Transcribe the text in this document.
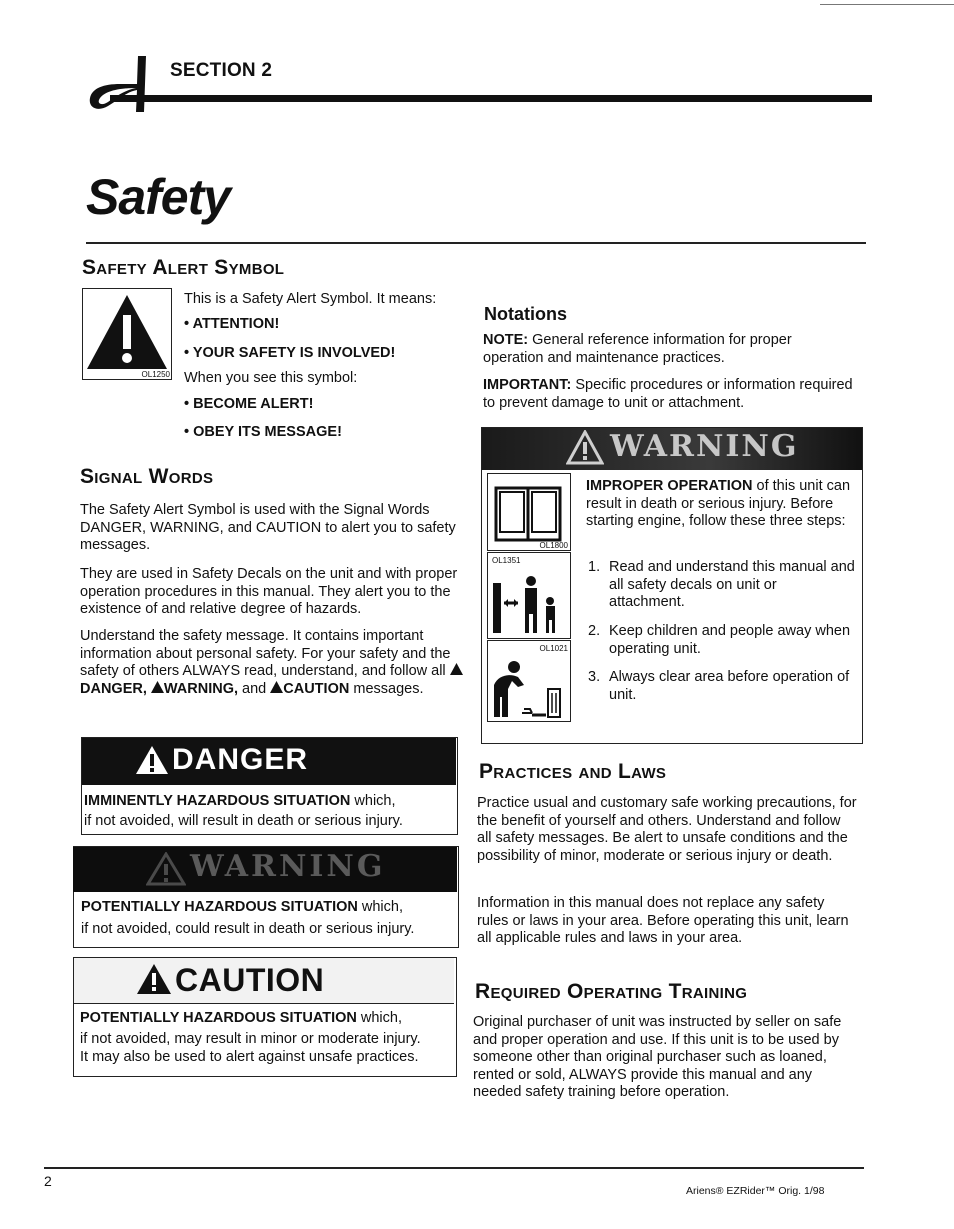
SECTION 2
Safety
Safety Alert Symbol
OL1250
This is a Safety Alert Symbol. It means:
• ATTENTION!
• YOUR SAFETY IS INVOLVED!
When you see this symbol:
• BECOME ALERT!
• OBEY ITS MESSAGE!
Signal Words
The Safety Alert Symbol is used with the Signal Words DANGER, WARNING, and CAUTION to alert you to safety messages.
They are used in Safety Decals on the unit and with proper operation procedures in this manual. They alert you to the existence of and relative degree of hazards.
Understand the safety message. It contains important information about personal safety. For your safety and the safety of others ALWAYS read, understand, and follow all DANGER, WARNING, and CAUTION messages.
DANGER
IMMINENTLY HAZARDOUS SITUATION which,
if not avoided, will result in death or serious injury.
WARNING
POTENTIALLY HAZARDOUS SITUATION which,
if not avoided, could result in death or serious injury.
CAUTION
POTENTIALLY HAZARDOUS SITUATION which,
if not avoided, may result in minor or moderate injury.
It may also be used to alert against unsafe practices.
Notations
NOTE: General reference information for proper operation and maintenance practices.
IMPORTANT: Specific procedures or information required to prevent damage to unit or attachment.
WARNING
OL1800
OL1351
OL1021
IMPROPER OPERATION of this unit can result in death or serious injury. Before starting engine, follow these three steps:
1. Read and understand this manual and all safety decals on unit or attachment.
2. Keep children and people away when operating unit.
3. Always clear area before operation of unit.
Practices and Laws
Practice usual and customary safe working precautions, for the benefit of yourself and others. Understand and follow all safety messages. Be alert to unsafe conditions and the possibility of minor, moderate or serious injury or death.
Information in this manual does not replace any safety rules or laws in your area. Before operating this unit, learn all applicable rules and laws in your area.
Required Operating Training
Original purchaser of unit was instructed by seller on safe and proper operation and use. If this unit is to be used by someone other than original purchaser such as loaned, rented or sold, ALWAYS provide this manual and any needed safety training before operation.
2
Ariens® EZRider™ Orig. 1/98
